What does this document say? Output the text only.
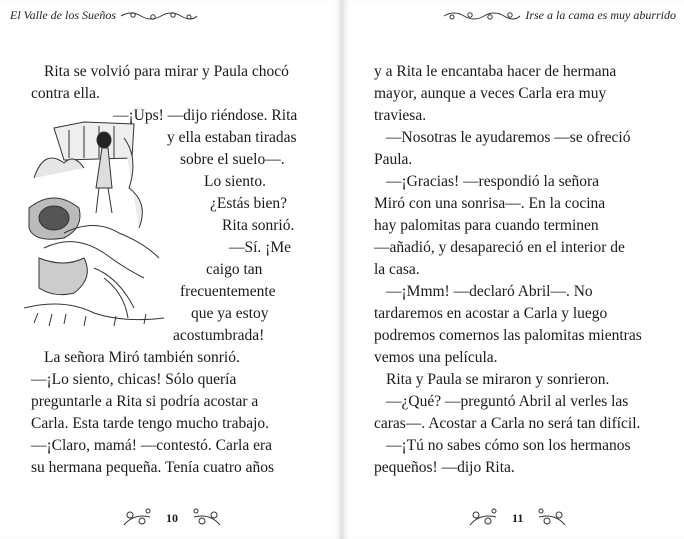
El Valle de los Sueños
Rita se volvió para mirar y Paula chocó
contra ella.
—¡Ups! —dijo riéndose. Rita
y ella estaban tiradas
sobre el suelo—.
Lo siento.
¿Estás bien?
Rita sonrió.
—Sí. ¡Me
caigo tan
frecuentemente
que ya estoy
acostumbrada!
La señora Miró también sonrió.
—¡Lo siento, chicas! Sólo quería
preguntarle a Rita si podría acostar a
Carla. Esta tarde tengo mucho trabajo.
—¡Claro, mamá! —contestó. Carla era
su hermana pequeña. Tenía cuatro años
10
Irse a la cama es muy aburrido
y a Rita le encantaba hacer de hermana
mayor, aunque a veces Carla era muy
traviesa.
—Nosotras le ayudaremos —se ofreció
Paula.
—¡Gracias! —respondió la señora
Miró con una sonrisa—. En la cocina
hay palomitas para cuando terminen
—añadió, y desapareció en el interior de
la casa.
—¡Mmm! —declaró Abril—. No
tardaremos en acostar a Carla y luego
podremos comernos las palomitas mientras
vemos una película.
Rita y Paula se miraron y sonrieron.
—¿Qué? —preguntó Abril al verles las
caras—. Acostar a Carla no será tan difícil.
—¡Tú no sabes cómo son los hermanos
pequeños! —dijo Rita.
11
